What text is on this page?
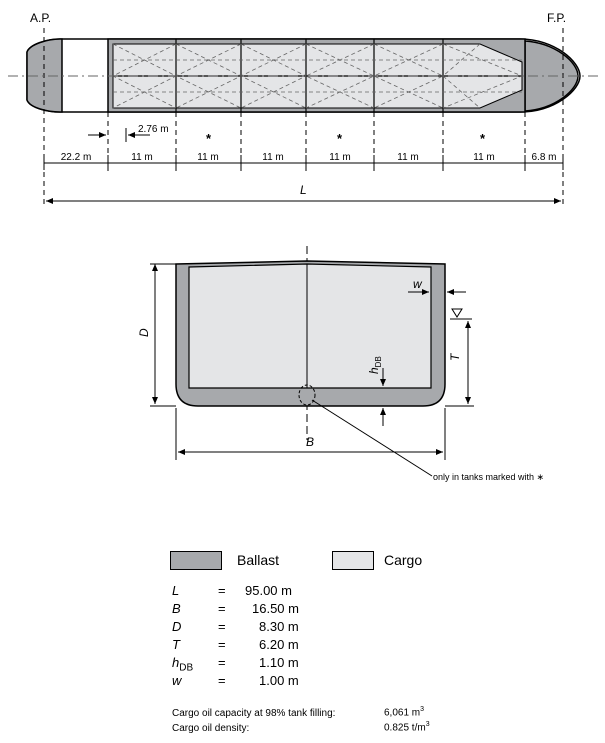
A.P.	F.P.
2.76 m
*	*	*
22.2 m	11 m	11 m	11 m	11 m	11 m	11 m	6.8 m
L
D
w
T
$h_{DB}$
B
only in tanks marked with ∗
Ballast	Cargo
L	= 95.00 m
B	= 16.50 m
D	=	8.30 m
T	=	6.20 m
$h_{DB}$ =	1.10 m
w	=	1.00 m
Cargo oil capacity at 98% tank filling:	6,061 $m^3$
Cargo oil density:	0.825 $t/m^3$
